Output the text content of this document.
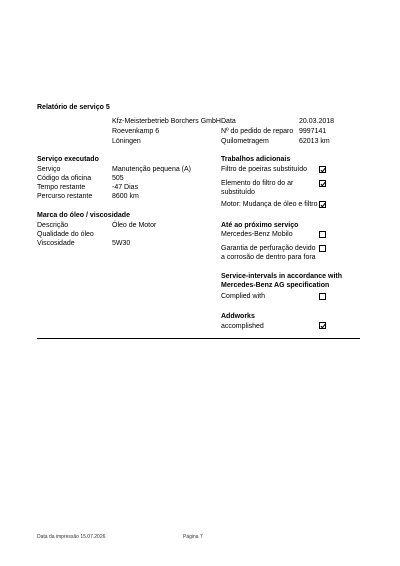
Relatório de serviço 5
Kfz-Meisterbetrieb Borchers GmbH
Roevenkamp 6
Löningen
Data	20.03.2018
Nº do pedido de reparo 9997141
Quilometragem	62013 km
Serviço executado
Serviço	Manutenção pequena (A)
Código da oficina	505
Tempo restante	-47 Dias
Percurso restante	8600 km
Marca do óleo / viscosidade
Descrição	Óleo de Motor
Qualidade do óleo
Viscosidade	5W30
Trabalhos adicionais
Filtro de poeiras substituído
Elemento do filtro do ar substituído
Motor: Mudança de óleo e filtro
Até ao próximo serviço
Mercedes-Benz Mobilo
Garantia de perfuração devido a corrosão de dentro para fora
Service-intervals in accordance with Mercedes-Benz AG specification
Complied with
Addworks
accomplished
Data da impressão 15.07.2026	Página 7
